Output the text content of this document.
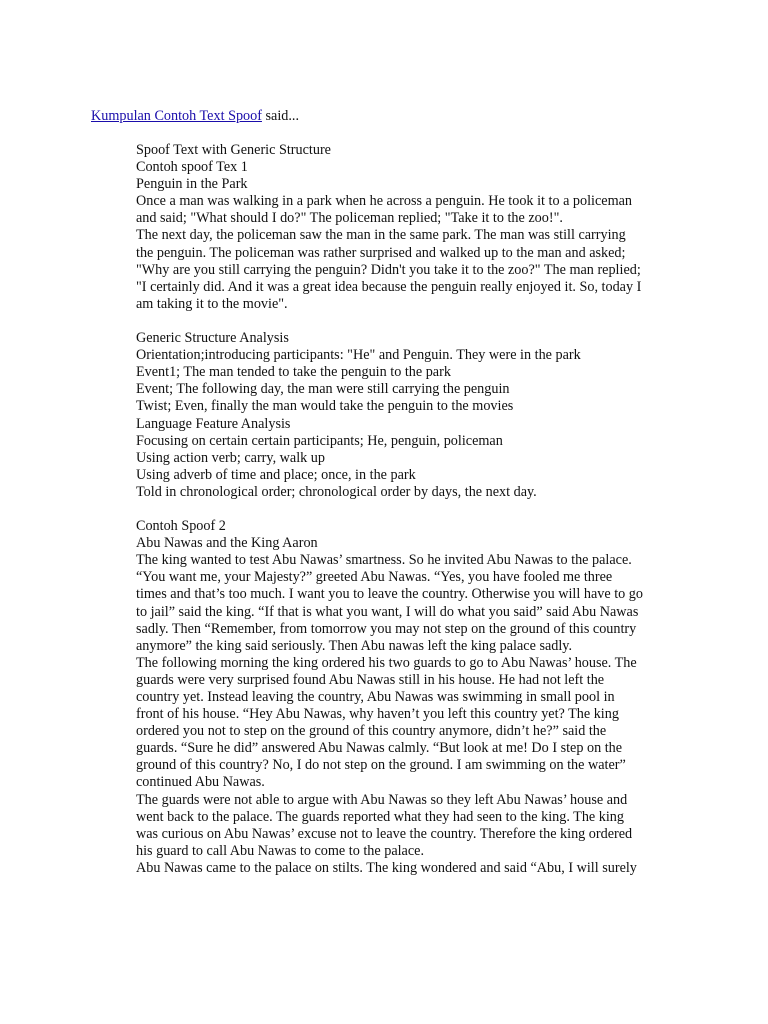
Kumpulan Contoh Text Spoof said...

Spoof Text with Generic Structure

Contoh spoof Tex 1

Penguin in the Park

Once a man was walking in a park when he across a penguin. He took it to a policeman

and said; "What should I do?" The policeman replied; "Take it to the zoo!".

The next day, the policeman saw the man in the same park. The man was still carrying

the penguin. The policeman was rather surprised and walked up to the man and asked;

"Why are you still carrying the penguin? Didn't you take it to the zoo?" The man replied;

"I certainly did. And it was a great idea because the penguin really enjoyed it. So, today I

am taking it to the movie".

Generic Structure Analysis

Orientation;introducing participants: "He" and Penguin. They were in the park

Event1; The man tended to take the penguin to the park

Event; The following day, the man were still carrying the penguin

Twist; Even, finally the man would take the penguin to the movies

Language Feature Analysis

Focusing on certain certain participants; He, penguin, policeman

Using action verb; carry, walk up

Using adverb of time and place; once, in the park

Told in chronological order; chronological order by days, the next day.

Contoh Spoof 2

Abu Nawas and the King Aaron

The king wanted to test Abu Nawas’ smartness. So he invited Abu Nawas to the palace.

“You want me, your Majesty?” greeted Abu Nawas. “Yes, you have fooled me three

times and that’s too much. I want you to leave the country. Otherwise you will have to go

to jail” said the king. “If that is what you want, I will do what you said” said Abu Nawas

sadly. Then “Remember, from tomorrow you may not step on the ground of this country

anymore” the king said seriously. Then Abu nawas left the king palace sadly.

The following morning the king ordered his two guards to go to Abu Nawas’ house. The

guards were very surprised found Abu Nawas still in his house. He had not left the

country yet. Instead leaving the country, Abu Nawas was swimming in small pool in

front of his house. “Hey Abu Nawas, why haven’t you left this country yet? The king

ordered you not to step on the ground of this country anymore, didn’t he?” said the

guards. “Sure he did” answered Abu Nawas calmly. “But look at me! Do I step on the

ground of this country? No, I do not step on the ground. I am swimming on the water”

continued Abu Nawas.

The guards were not able to argue with Abu Nawas so they left Abu Nawas’ house and

went back to the palace. The guards reported what they had seen to the king. The king

was curious on Abu Nawas’ excuse not to leave the country. Therefore the king ordered

his guard to call Abu Nawas to come to the palace.

Abu Nawas came to the palace on stilts. The king wondered and said “Abu, I will surely
